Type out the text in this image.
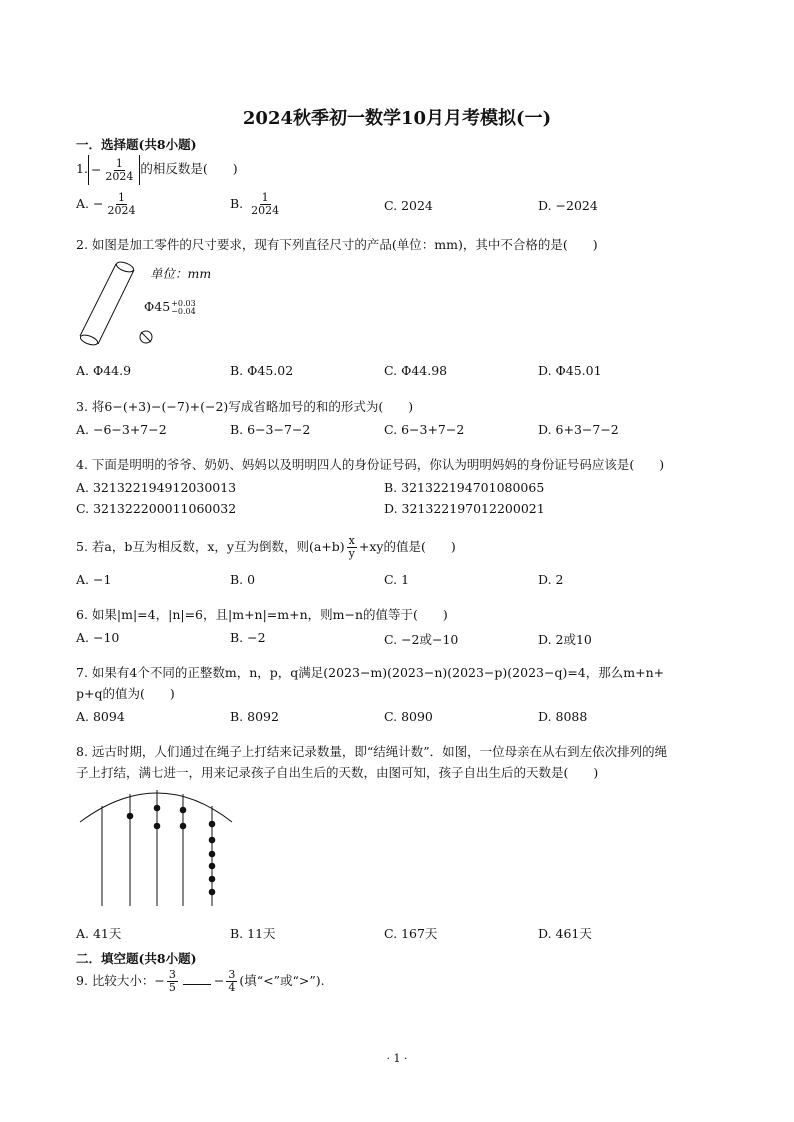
2024秋季初一数学10月月考模拟(一)
一．选择题(共8小题)
1. − $\frac{1}{2024}$ 的相反数是(　　)
A. − $\frac{1}{2024}$	B. $\frac{1}{2024}$	C. 2024	D. −2024
2. 如图是加工零件的尺寸要求，现有下列直径尺寸的产品(单位：mm)，其中不合格的是(　　)
单位：mm
Φ45 +0.03
−0.04
A. Φ44.9	B. Φ45.02	C. Φ44.98	D. Φ45.01
3. 将6−(+3)−(−7)+(−2)写成省略加号的和的形式为(　　)
A. −6−3+7−2	B. 6−3−7−2	C. 6−3+7−2	D. 6+3−7−2
4. 下面是明明的爷爷、奶奶、妈妈以及明明四人的身份证号码，你认为明明妈妈的身份证号码应该是(　　)
A. 321322194912030013	B. 321322194701080065
C. 321322200011060032	D. 321322197012200021
5. 若a，b互为相反数，x，y互为倒数，则$(a+b) \frac{x}{y} +xy$的值是(　　)
A. −1	B. 0	C. 1	D. 2
6. 如果|m|=4，|n|=6，且|m+n|=m+n，则m−n的值等于(　　)
A. −10	B. −2	C. −2或−10	D. 2或10
7. 如果有4个不同的正整数m，n，p，q满足(2023−m)(2023−n)(2023−p)(2023−q)=4，那么m+n+
p+q的值为(　　)
A. 8094	B. 8092	C. 8090	D. 8088
8. 远古时期，人们通过在绳子上打结来记录数量，即“结绳计数”．如图，一位母亲在从右到左依次排列的绳
子上打结，满七进一，用来记录孩子自出生后的天数，由图可知，孩子自出生后的天数是(　　)
A. 41天	B. 11天	C. 167天	D. 461天
二．填空题(共8小题)
9. 比较大小：− $\frac{3}{5}$	− $\frac{3}{4}$ (填“<”或“>”).
· 1 ·
